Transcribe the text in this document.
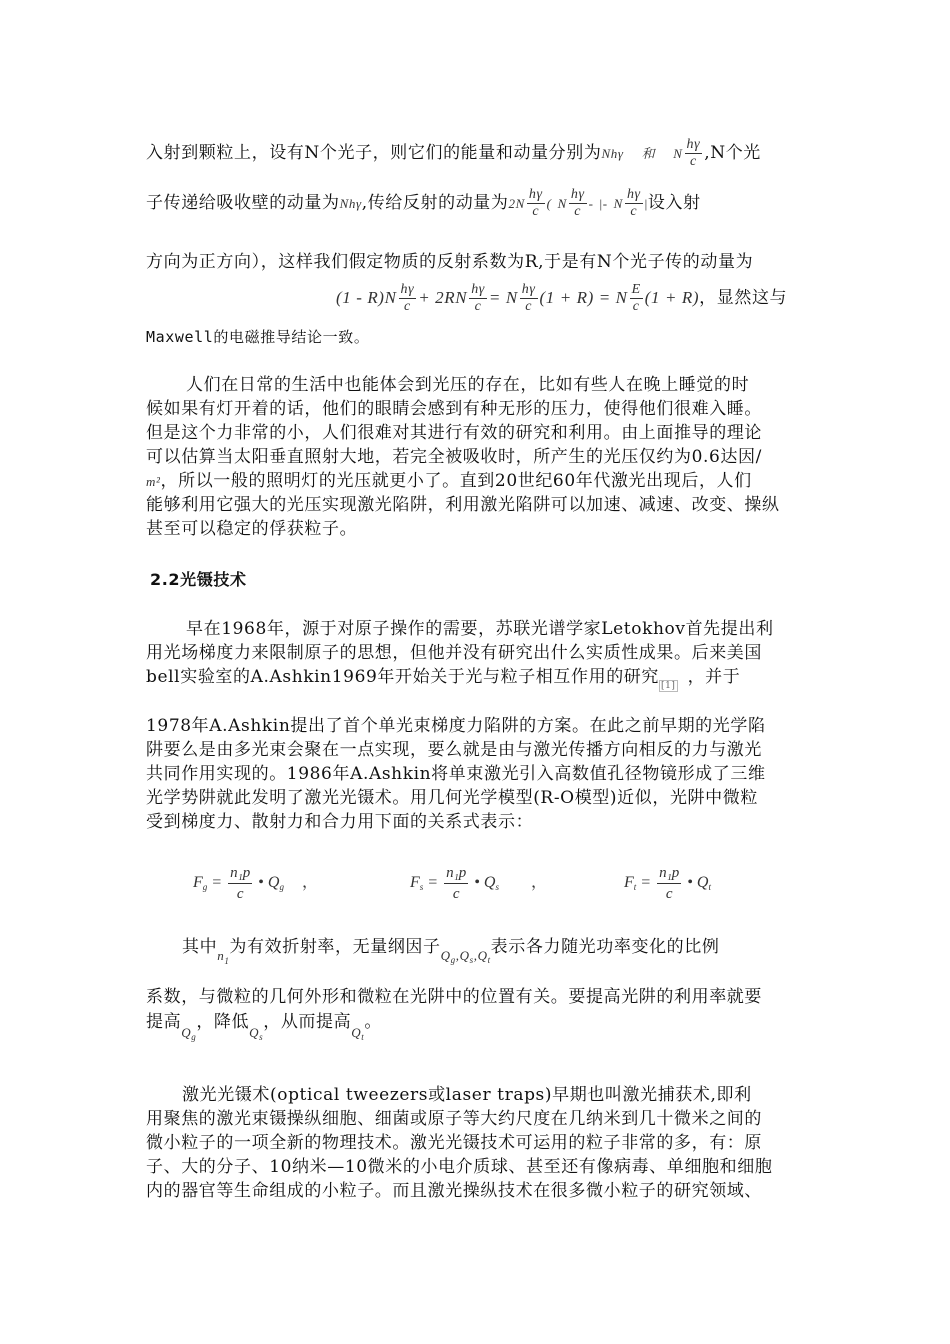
入射到颗粒上，设有N个光子，则它们的能量和动量分别为Nhγ 和 N $\frac{h\gamma}{c} ,N$个光
子传递给吸收壁的动量为Nhγ,传给反射的动量为$2N \frac{h\gamma}{c}$ ( N $\frac{h\gamma}{c}$ - |- N $\frac{h\gamma}{c}$ |设入射
方向为正方向），这样我们假定物质的反射系数为R,于是有N个光子传的动量为
$(1 - R)N \frac{h\gamma}{c} + 2RN \frac{h\gamma}{c} = N \frac{h\gamma}{c} (1 + R) = N \frac{E}{c} (1 + R)$，显然这与
Maxwell的电磁推导结论一致。
人们在日常的生活中也能体会到光压的存在，比如有些人在晚上睡觉的时
候如果有灯开着的话，他们的眼睛会感到有种无形的压力，使得他们很难入睡。
但是这个力非常的小，人们很难对其进行有效的研究和利用。由上面推导的理论
可以估算当太阳垂直照射大地，若完全被吸收时，所产生的光压仅约为0.6达因/
m²，所以一般的照明灯的光压就更小了。直到20世纪60年代激光出现后，人们
能够利用它强大的光压实现激光陷阱，利用激光陷阱可以加速、减速、改变、操纵
甚至可以稳定的俘获粒子。
2.2光镊技术
早在1968年，源于对原子操作的需要，苏联光谱学家Letokhov首先提出利
用光场梯度力来限制原子的思想，但他并没有研究出什么实质性成果。后来美国
bell实验室的A.Ashkin1969年开始关于光与粒子相互作用的研究 $_{[1]}$ ，并于
1978年A.Ashkin提出了首个单光束梯度力陷阱的方案。在此之前早期的光学陷
阱要么是由多光束会聚在一点实现，要么就是由与激光传播方向相反的力与激光
共同作用实现的。1986年A.Ashkin将单束激光引入高数值孔径物镜形成了三维
光学势阱就此发明了激光光镊术。用几何光学模型(R-O模型)近似，光阱中微粒
受到梯度力、散射力和合力用下面的关系式表示：
$F_g = \frac{\text{n₁p}}{c}$ • $Q_g$ ，	$F_s = \frac{\text{n₁p}}{c}$ • $Q_s$ ，	$F_t = \frac{\text{n₁p}}{c}$ • $Q_t$
其中$_{n1}$为有效折射率，无量纲因子$_{Q_g,Q_s,Q_t}$表示各力随光功率变化的比例
系数，与微粒的几何外形和微粒在光阱中的位置有关。要提高光阱的利用率就要
提高$_{Q_g}$，降低$_{Q_s}$，从而提高$_{Q_t}$。
激光光镊术(optical tweezers或laser traps)早期也叫激光捕获术,即利
用聚焦的激光束镊操纵细胞、细菌或原子等大约尺度在几纳米到几十微米之间的
微小粒子的一项全新的物理技术。激光光镊技术可运用的粒子非常的多，有：原
子、大的分子、10纳米—10微米的小电介质球、甚至还有像病毒、单细胞和细胞
内的器官等生命组成的小粒子。而且激光操纵技术在很多微小粒子的研究领域、
